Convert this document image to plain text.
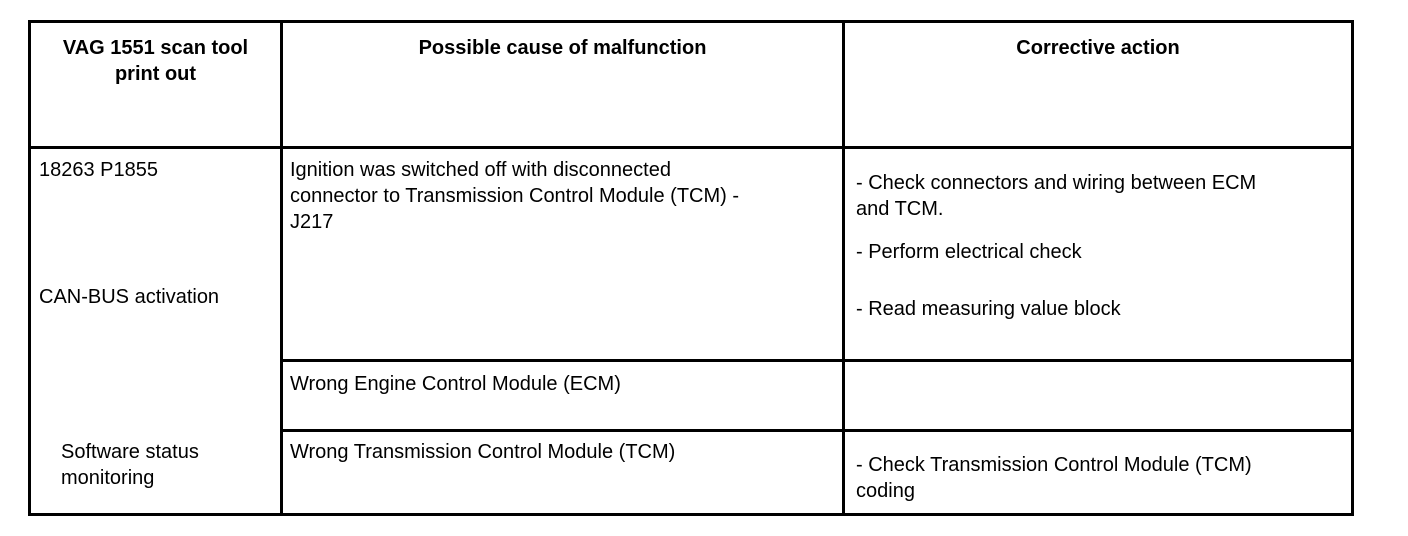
VAG 1551 scan tool
print out
Possible cause of malfunction	Corrective action
18263 P1855
CAN-BUS activation
Software status
monitoring
Ignition was switched off with disconnected
connector to Transmission Control Module (TCM) -
J217
Wrong Engine Control Module (ECM)
Wrong Transmission Control Module (TCM)
- Check connectors and wiring between ECM
and TCM.
- Perform electrical check
- Read measuring value block
- Check Transmission Control Module (TCM)
coding
